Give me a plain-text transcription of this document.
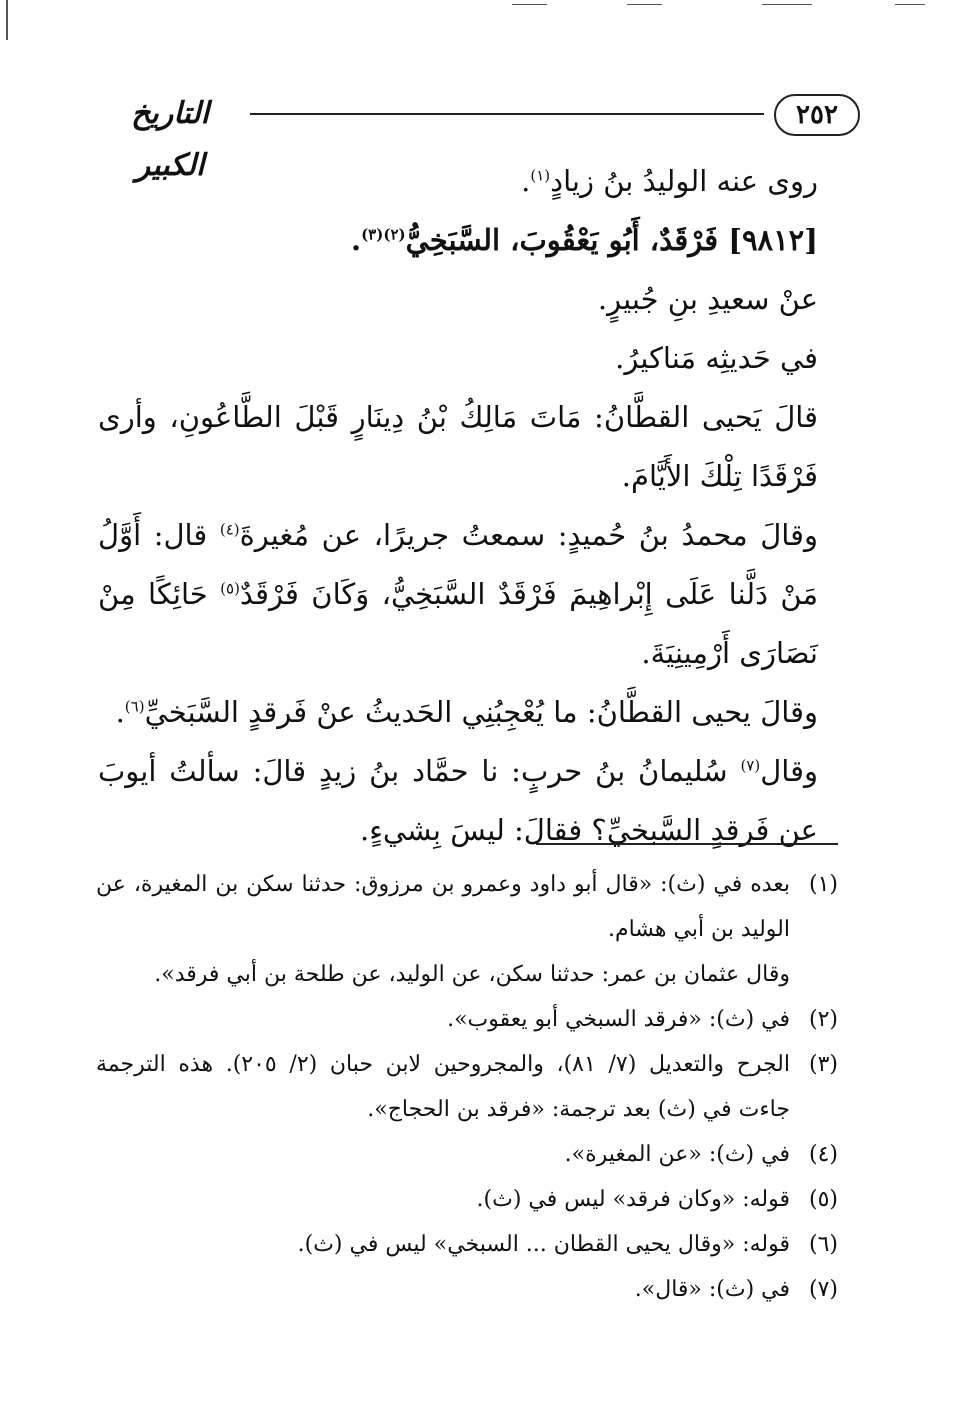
٢٥٢
التاريخ الكبير	روى عنه الوليدُ بنُ زيادٍ$^{(١)}$.

[٩٨١٢] فَرْقَدٌ، أَبُو يَعْقُوبَ، السَّبَخِيُّ$^{(٢)(٣)}$.

عنْ سعيدِ بنِ جُبيرٍ.

في حَديثِه مَناكيرُ.

قالَ يَحيى القطَّانُ: مَاتَ مَالِكُ بْنُ دِينَارٍ قَبْلَ الطَّاعُونِ، وأرى فَرْقَدًا تِلْكَ الأَيَّامَ.

وقالَ محمدُ بنُ حُميدٍ: سمعتُ جريرًا، عن مُغيرةَ$^{(٤)}$ قال: أَوَّلُ مَنْ دَلَّنا عَلَى إِبْراهِيمَ فَرْقَدٌ السَّبَخِيُّ، وَكَانَ فَرْقَدٌ$^{(٥)}$ حَائِكًا مِنْ نَصَارَى أَرْمِينِيَةَ.

وقالَ يحيى القطَّانُ: ما يُعْجِبُنِي الحَديثُ عنْ فَرقدٍ السَّبَخيِّ$^{(٦)}$.

وقال$^{(٧)}$ سُليمانُ بنُ حربٍ: نا حمَّاد بنُ زيدٍ قالَ: سألتُ أيوبَ عن فَرقدٍ السَّبخيِّ؟ فقالَ: ليسَ بِشيءٍ.

(١)
بعده في (ث): «قال أبو داود وعمرو بن مرزوق: حدثنا سكن بن المغيرة، عن الوليد بن أبي هشام.
وقال عثمان بن عمر: حدثنا سكن، عن الوليد، عن طلحة بن أبي فرقد».
(٢)
في (ث): «فرقد السبخي أبو يعقوب».
(٣)
الجرح والتعديل (٧/ ٨١)، والمجروحين لابن حبان (٢/ ٢٠٥). هذه الترجمة جاءت في (ث) بعد ترجمة: «فرقد بن الحجاج».
(٤)
في (ث): «عن المغيرة».
(٥)
قوله: «وكان فرقد» ليس في (ث).
(٦)
قوله: «وقال يحيى القطان ... السبخي» ليس في (ث).
(٧)
في (ث): «قال».
